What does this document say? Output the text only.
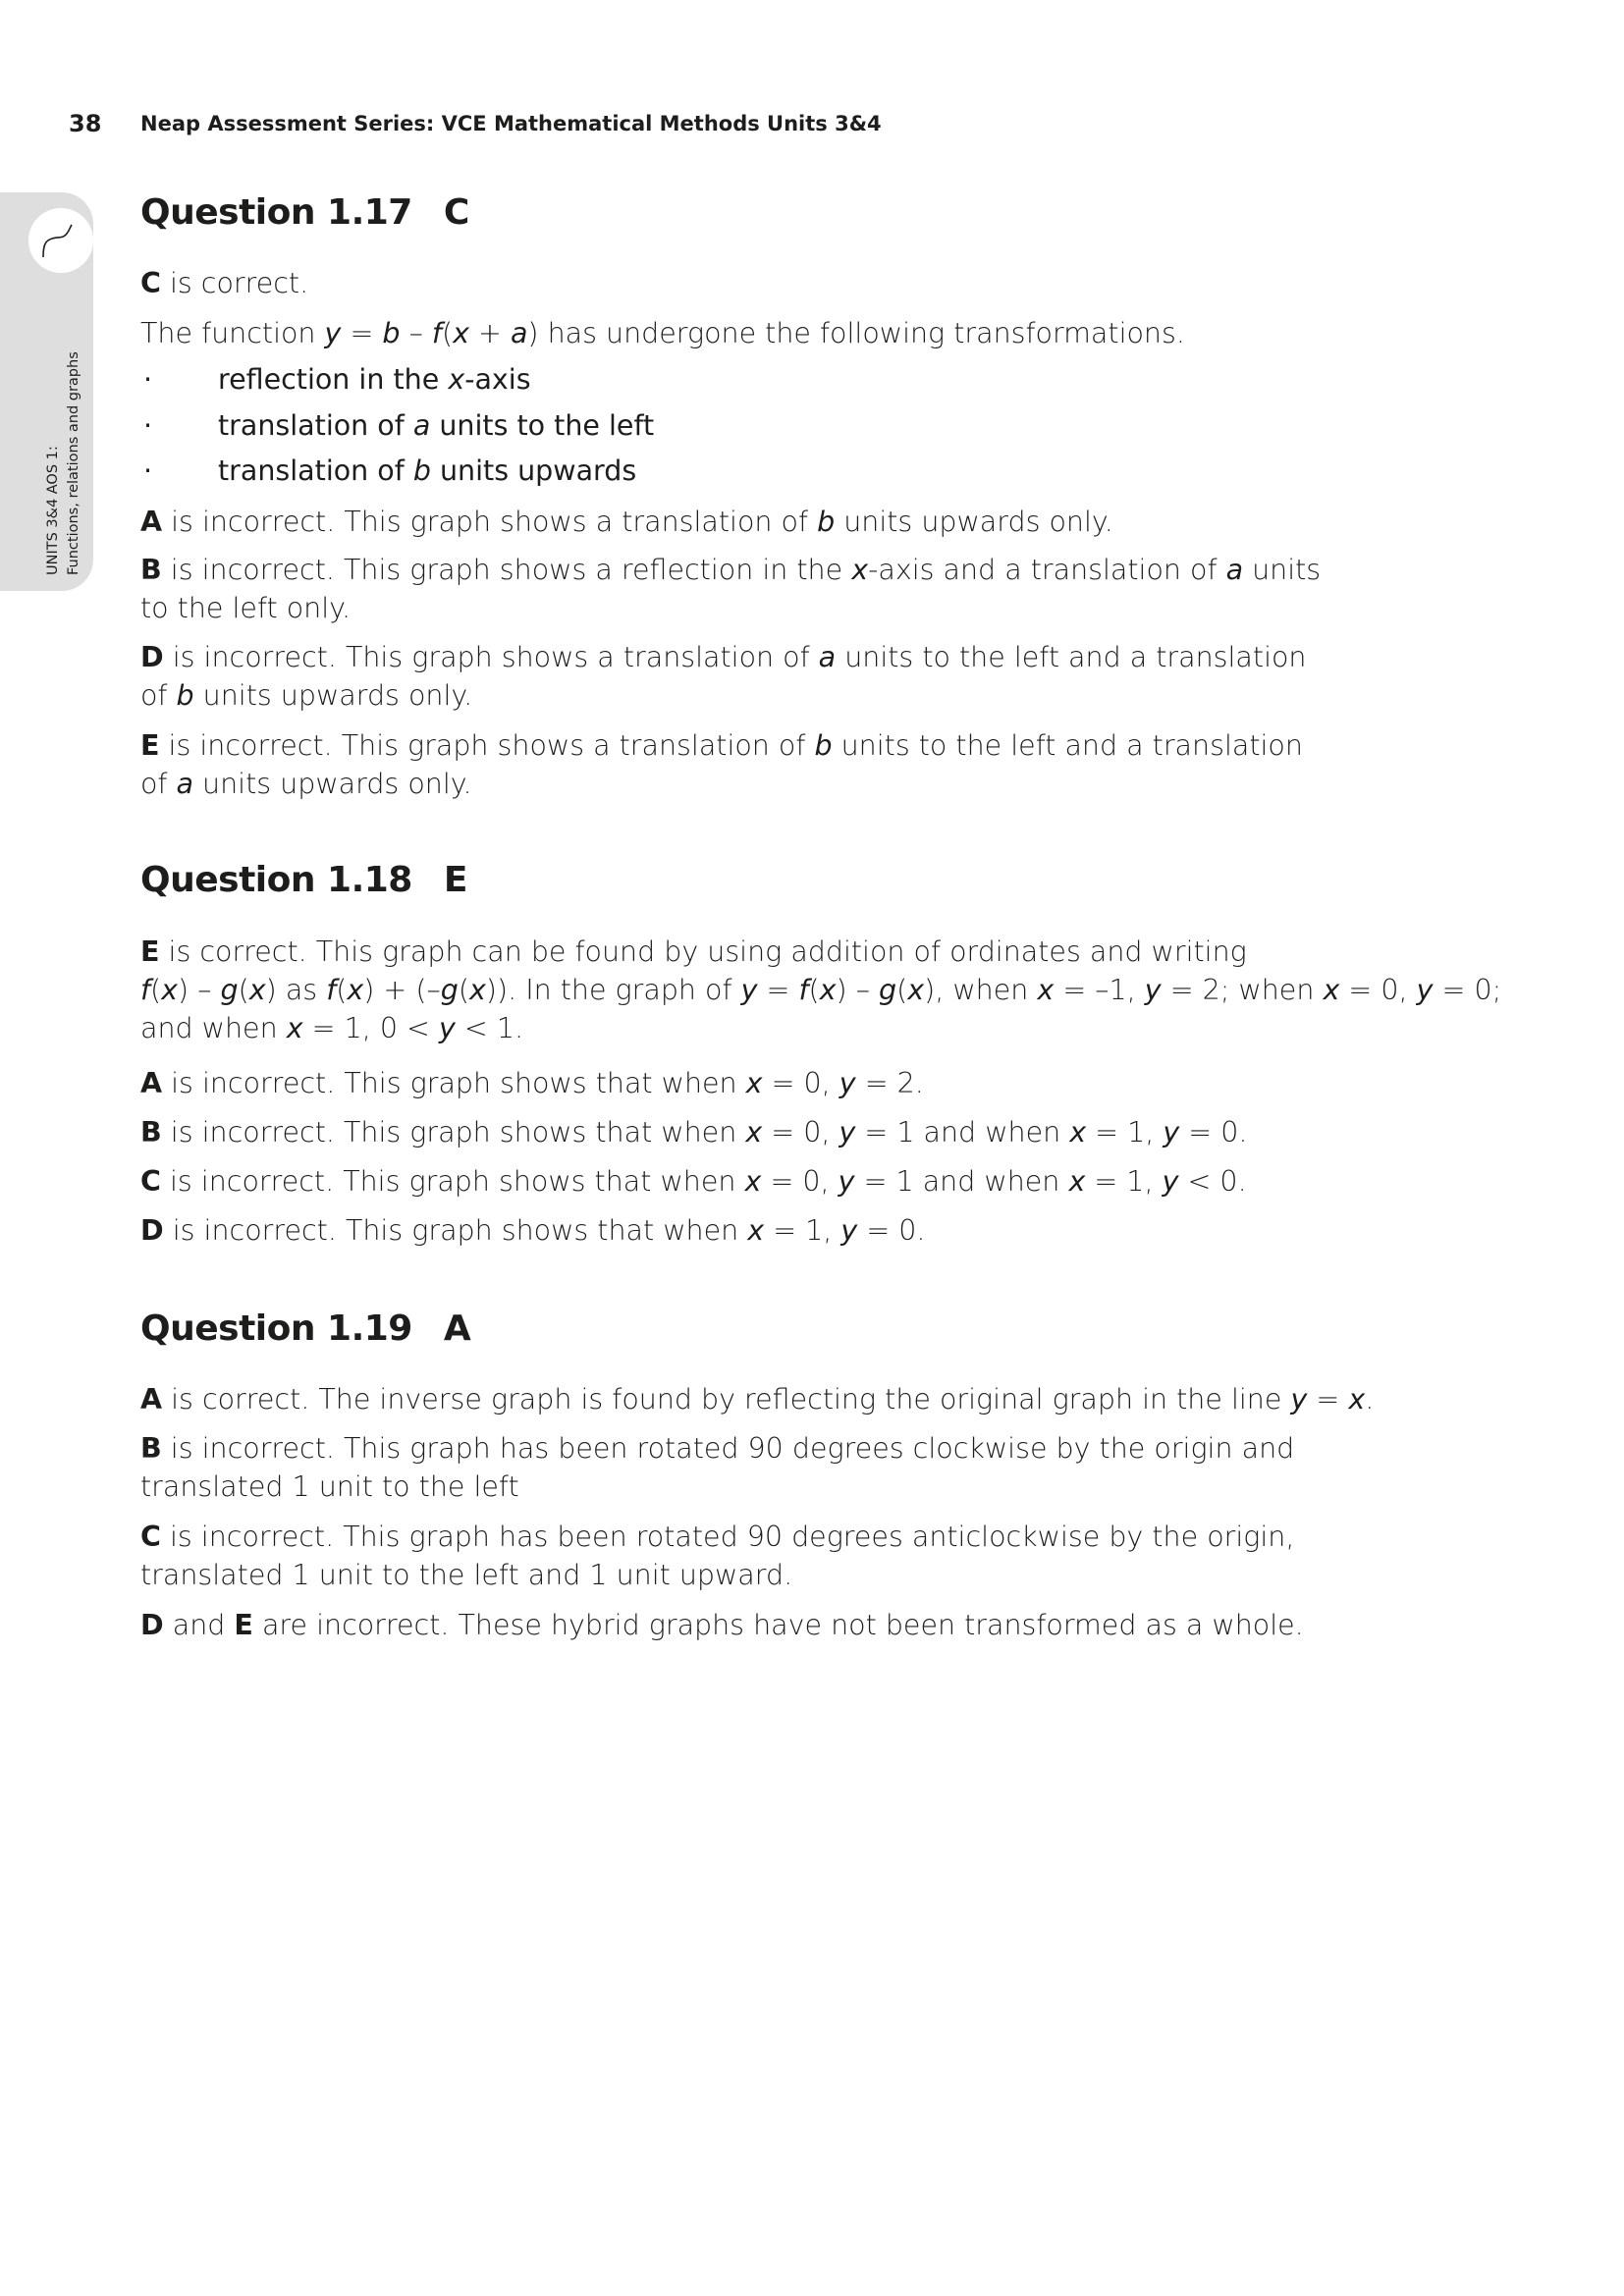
38 Neap Assessment Series: VCE Mathematical Methods Units 3&4
UNITS 3&4 AOS 1: Functions, relations and graphs
Question 1.17 C
C is correct.
The function y = b – f(x + a) has undergone the following transformations.
· reflection in the x-axis
· translation of a units to the left
· translation of b units upwards
A is incorrect. This graph shows a translation of b units upwards only.
B is incorrect. This graph shows a reflection in the x-axis and a translation of a units
to the left only.
D is incorrect. This graph shows a translation of a units to the left and a translation
of b units upwards only.
E is incorrect. This graph shows a translation of b units to the left and a translation
of a units upwards only.
Question 1.18 E
E is correct. This graph can be found by using addition of ordinates and writing
f(x) – g(x) as f(x) + (–g(x)). In the graph of y = f(x) – g(x), when x = –1, y = 2; when x = 0, y = 0;
and when x = 1, 0 < y < 1.
A is incorrect. This graph shows that when x = 0, y = 2.
B is incorrect. This graph shows that when x = 0, y = 1 and when x = 1, y = 0.
C is incorrect. This graph shows that when x = 0, y = 1 and when x = 1, y < 0.
D is incorrect. This graph shows that when x = 1, y = 0.
Question 1.19 A
A is correct. The inverse graph is found by reflecting the original graph in the line y = x.
B is incorrect. This graph has been rotated 90 degrees clockwise by the origin and
translated 1 unit to the left
C is incorrect. This graph has been rotated 90 degrees anticlockwise by the origin,
translated 1 unit to the left and 1 unit upward.
D and E are incorrect. These hybrid graphs have not been transformed as a whole.
